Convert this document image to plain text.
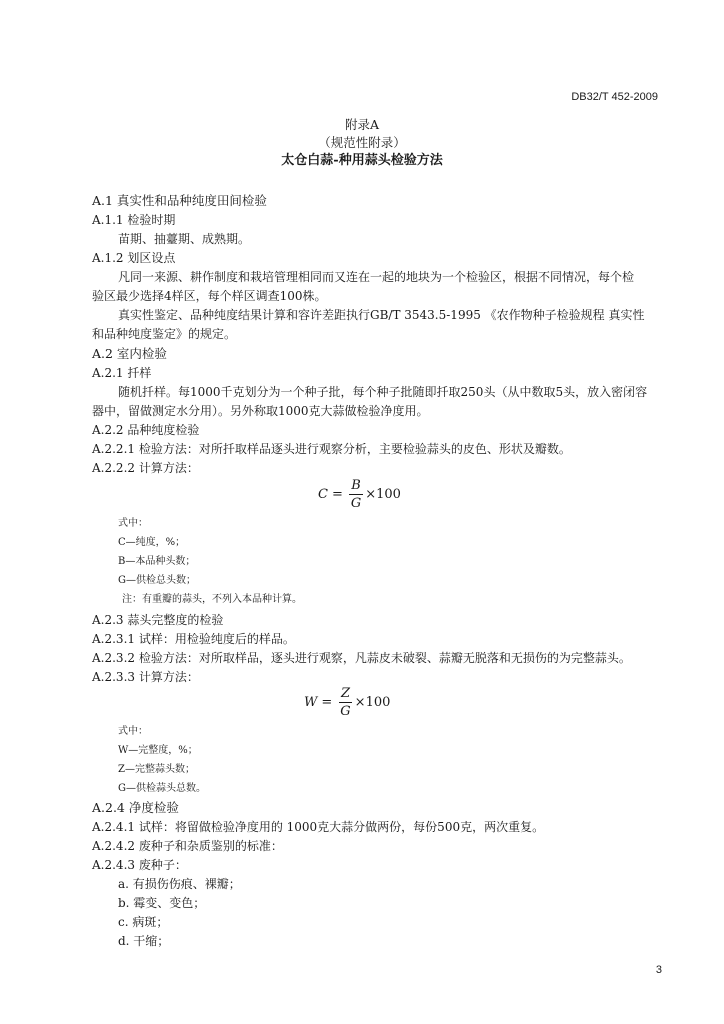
DB32/T 452-2009
附录A
（规范性附录）
太仓白蒜-种用蒜头检验方法
A.1 真实性和品种纯度田间检验
A.1.1 检验时期
苗期、抽薹期、成熟期。
A.1.2 划区设点
凡同一来源、耕作制度和栽培管理相同而又连在一起的地块为一个检验区，根据不同情况，每个检
验区最少选择4样区，每个样区调查100株。
真实性鉴定、品种纯度结果计算和容许差距执行GB/T 3543.5-1995 《农作物种子检验规程 真实性
和品种纯度鉴定》的规定。
A.2 室内检验
A.2.1 扦样
随机扦样。每1000千克划分为一个种子批，每个种子批随即扦取250头（从中数取5头，放入密闭容
器中，留做测定水分用）。另外称取1000克大蒜做检验净度用。
A.2.2 品种纯度检验
A.2.2.1 检验方法：对所扦取样品逐头进行观察分析，主要检验蒜头的皮色、形状及瓣数。
A.2.2.2 计算方法：
$C = \frac{B}{G} \times 100$
式中：
C—纯度，%；
B—本品种头数；
G—供检总头数；
注：有重瓣的蒜头，不列入本品种计算。
A.2.3 蒜头完整度的检验
A.2.3.1 试样：用检验纯度后的样品。
A.2.3.2 检验方法：对所取样品，逐头进行观察，凡蒜皮未破裂、蒜瓣无脱落和无损伤的为完整蒜头。
A.2.3.3 计算方法：
$W = \frac{Z}{G} \times 100$
式中：
W—完整度，%；
Z—完整蒜头数；
G—供检蒜头总数。
A.2.4 净度检验
A.2.4.1 试样：将留做检验净度用的 1000克大蒜分做两份，每份500克，两次重复。
A.2.4.2 废种子和杂质鉴别的标准：
A.2.4.3 废种子：
a. 有损伤伤痕、裸瓣；
b. 霉变、变色；
c. 病斑；
d. 干缩；
3
